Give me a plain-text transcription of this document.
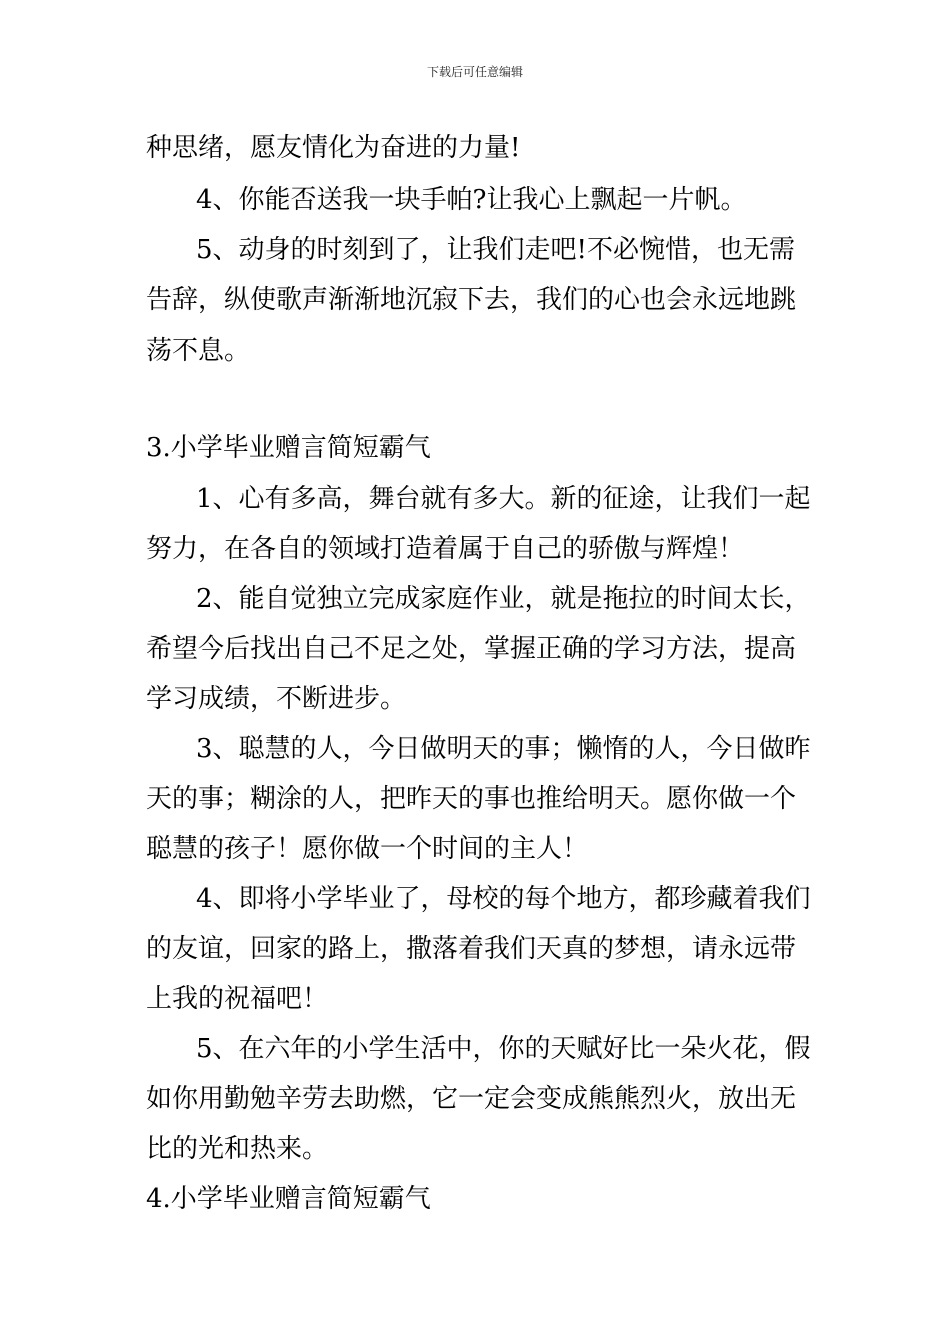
下载后可任意编辑
种思绪，愿友情化为奋进的力量!
4、你能否送我一块手帕?让我心上飘起一片帆。
5、动身的时刻到了，让我们走吧!不必惋惜，也无需
告辞，纵使歌声渐渐地沉寂下去，我们的心也会永远地跳
荡不息。
3.小学毕业赠言简短霸气
1、心有多高，舞台就有多大。新的征途，让我们一起
努力，在各自的领域打造着属于自己的骄傲与辉煌！
2、能自觉独立完成家庭作业，就是拖拉的时间太长，
希望今后找出自己不足之处，掌握正确的学习方法，提高
学习成绩，不断进步。
3、聪慧的人，今日做明天的事；懒惰的人，今日做昨
天的事；糊涂的人，把昨天的事也推给明天。愿你做一个
聪慧的孩子！愿你做一个时间的主人！
4、即将小学毕业了，母校的每个地方，都珍藏着我们
的友谊，回家的路上，撒落着我们天真的梦想，请永远带
上我的祝福吧！
5、在六年的小学生活中，你的天赋好比一朵火花，假
如你用勤勉辛劳去助燃，它一定会变成熊熊烈火，放出无
比的光和热来。
4.小学毕业赠言简短霸气
